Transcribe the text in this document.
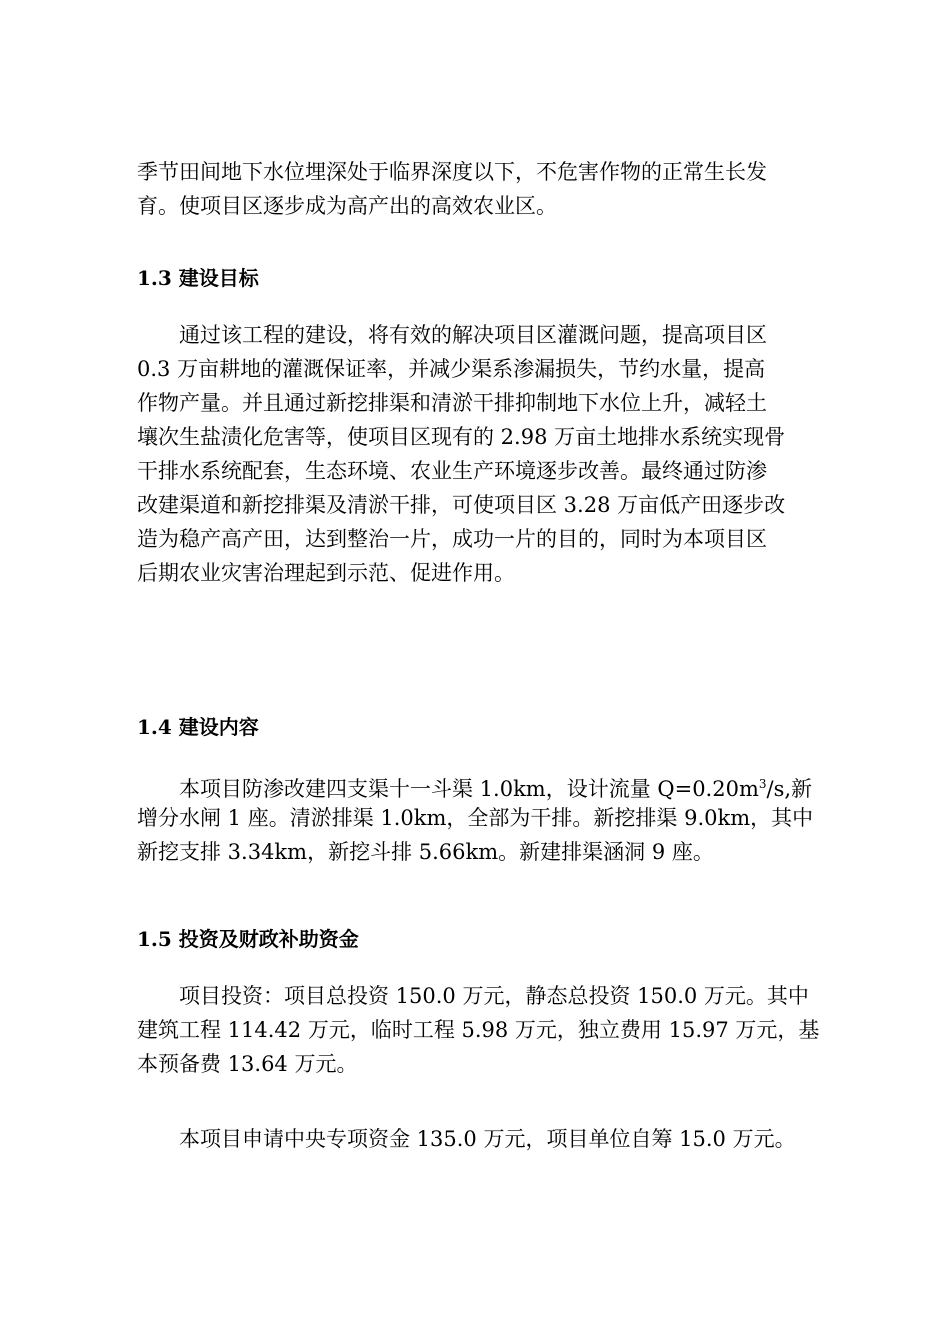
季节田间地下水位埋深处于临界深度以下，不危害作物的正常生长发
育。使项目区逐步成为高产出的高效农业区。
1.3 建设目标
通过该工程的建设，将有效的解决项目区灌溉问题，提高项目区
0.3 万亩耕地的灌溉保证率，并减少渠系渗漏损失，节约水量，提高
作物产量。并且通过新挖排渠和清淤干排抑制地下水位上升，减轻土
壤次生盐渍化危害等，使项目区现有的 2.98 万亩土地排水系统实现骨
干排水系统配套，生态环境、农业生产环境逐步改善。最终通过防渗
改建渠道和新挖排渠及清淤干排，可使项目区 3.28 万亩低产田逐步改
造为稳产高产田，达到整治一片，成功一片的目的，同时为本项目区
后期农业灾害治理起到示范、促进作用。
1.4 建设内容
本项目防渗改建四支渠十一斗渠 1.0km，设计流量 $Q=0.20m^3/s$,新
增分水闸 1 座。清淤排渠 1.0km，全部为干排。新挖排渠 9.0km，其中
新挖支排 3.34km，新挖斗排 5.66km。新建排渠涵洞 9 座。
1.5 投资及财政补助资金
项目投资：项目总投资 150.0 万元，静态总投资 150.0 万元。其中
建筑工程 114.42 万元，临时工程 5.98 万元，独立费用 15.97 万元，基
本预备费 13.64 万元。
本项目申请中央专项资金 135.0 万元，项目单位自筹 15.0 万元。
